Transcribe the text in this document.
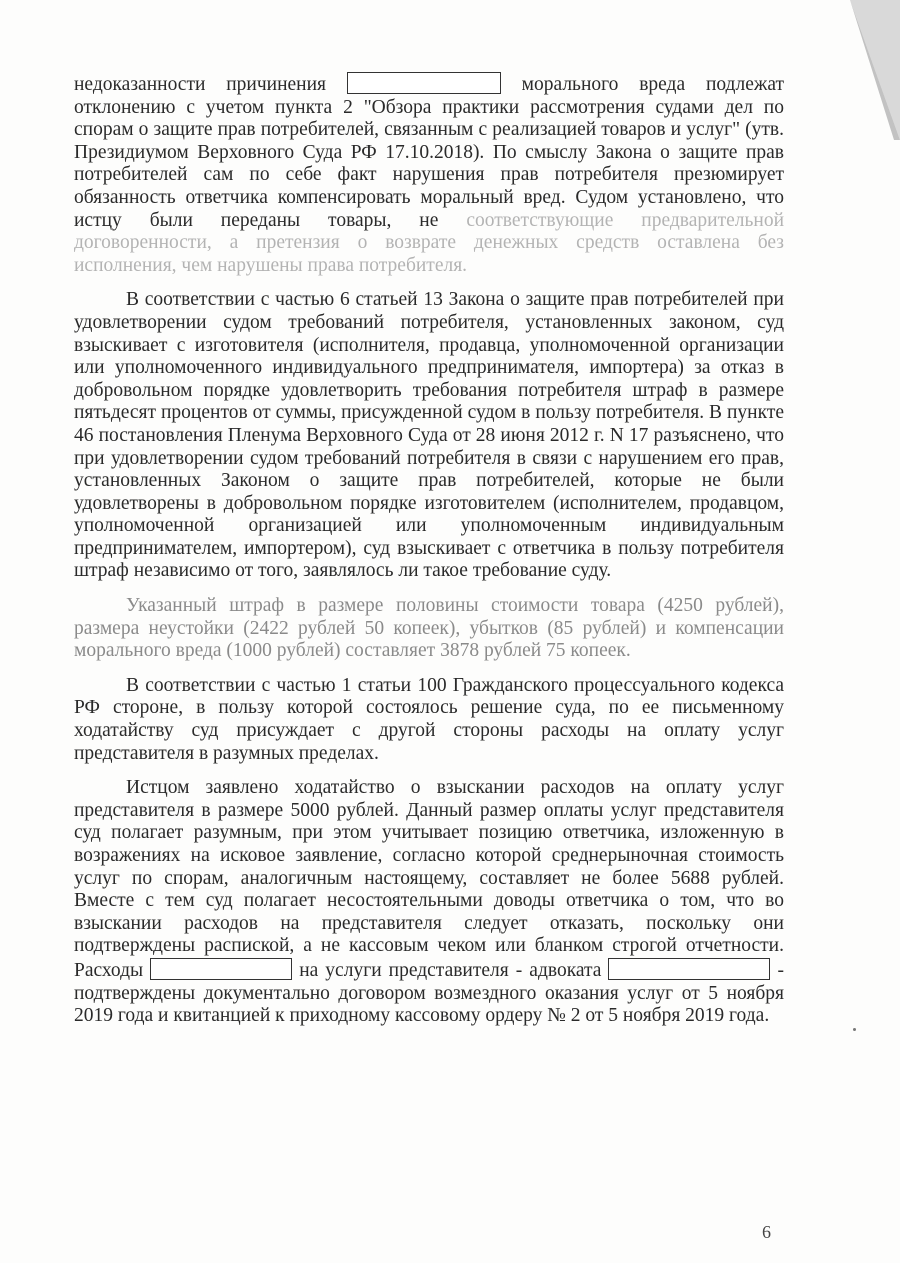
недоказанности причинения	морального вреда подлежат отклонению с учетом пункта 2 "Обзора практики рассмотрения судами дел по спорам о защите прав потребителей, связанным с реализацией товаров и услуг" (утв. Президиумом Верховного Суда РФ 17.10.2018). По смыслу Закона о защите прав потребителей сам по себе факт нарушения прав потребителя презюмирует обязанность ответчика компенсировать моральный вред. Судом установлено, что истцу были переданы товары, не соответствующие предварительной договоренности, а претензия о возврате денежных средств оставлена без исполнения, чем нарушены права потребителя.

В соответствии с частью 6 статьей 13 Закона о защите прав потребителей при удовлетворении судом требований потребителя, установленных законом, суд взыскивает с изготовителя (исполнителя, продавца, уполномоченной организации или уполномоченного индивидуального предпринимателя, импортера) за отказ в добровольном порядке удовлетворить требования потребителя штраф в размере пятьдесят процентов от суммы, присужденной судом в пользу потребителя. В пункте 46 постановления Пленума Верховного Суда от 28 июня 2012 г. N 17 разъяснено, что при удовлетворении судом требований потребителя в связи с нарушением его прав, установленных Законом о защите прав потребителей, которые не были удовлетворены в добровольном порядке изготовителем (исполнителем, продавцом, уполномоченной организацией или уполномоченным индивидуальным предпринимателем, импортером), суд взыскивает с ответчика в пользу потребителя штраф независимо от того, заявлялось ли такое требование суду.

Указанный штраф в размере половины стоимости товара (4250 рублей), размера неустойки (2422 рублей 50 копеек), убытков (85 рублей) и компенсации морального вреда (1000 рублей) составляет 3878 рублей 75 копеек.

В соответствии с частью 1 статьи 100 Гражданского процессуального кодекса РФ стороне, в пользу которой состоялось решение суда, по ее письменному ходатайству суд присуждает с другой стороны расходы на оплату услуг представителя в разумных пределах.

Истцом заявлено ходатайство о взыскании расходов на оплату услуг представителя в размере 5000 рублей. Данный размер оплаты услуг представителя суд полагает разумным, при этом учитывает позицию ответчика, изложенную в возражениях на исковое заявление, согласно которой среднерыночная стоимость услуг по спорам, аналогичным настоящему, составляет не более 5688 рублей. Вместе с тем суд полагает несостоятельными доводы ответчика о том, что во взыскании расходов на представителя следует отказать, поскольку они подтверждены распиской, а не кассовым чеком или бланком строгой отчетности. Расходы	на услуги представителя - адвоката	- подтверждены документально договором возмездного оказания услуг от 5 ноября 2019 года и квитанцией к приходному кассовому ордеру № 2 от 5 ноября 2019 года.

6
